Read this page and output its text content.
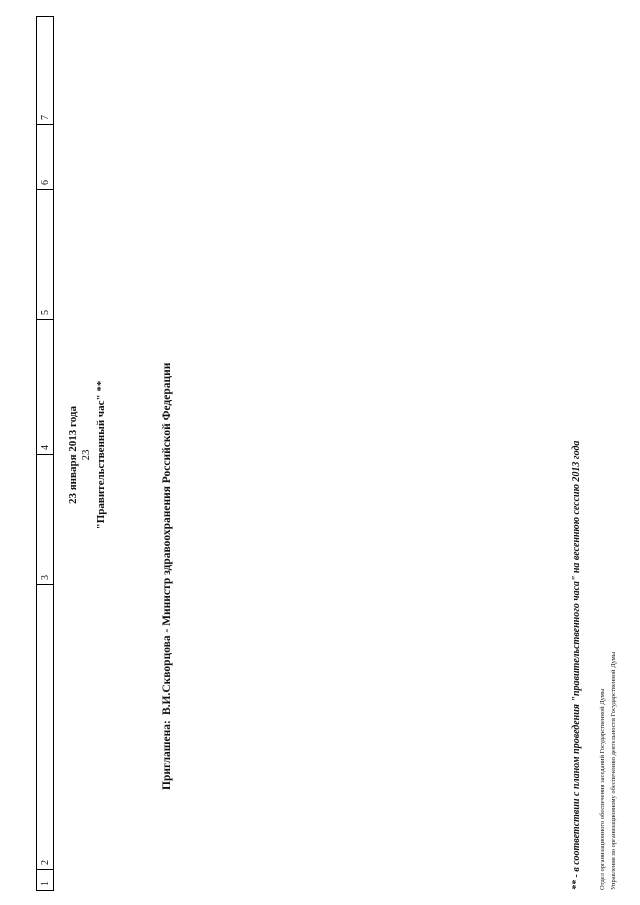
23
1
2
3
4
5
6
7
23 января 2013 года "Правительственный час" **
Приглашена:
В.И.Скворцова - Министр здравоохранения Российской Федерации	** - в соответствии с планом проведения "правительственного часа" на весеннюю сессию 2013 года	Отдел организационного обеспечения заседаний Государственной Думы Управления по организационному обеспечению деятельности Государственной Думы
